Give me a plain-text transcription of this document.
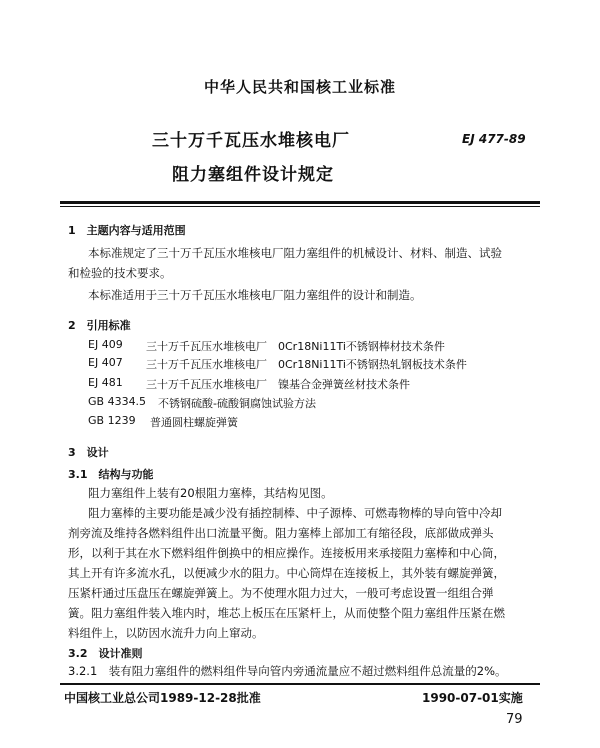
中华人民共和国核工业标准
三十万千瓦压水堆核电厂
阻力塞组件设计规定
EJ 477-89
1　主题内容与适用范围
本标准规定了三十万千瓦压水堆核电厂阻力塞组件的机械设计、材料、制造、试验
和检验的技术要求。
本标准适用于三十万千瓦压水堆核电厂阻力塞组件的设计和制造。
2　引用标准
EJ 409 三十万千瓦压水堆核电厂　0Cr18Ni11Ti不锈钢棒材技术条件
EJ 407 三十万千瓦压水堆核电厂　0Cr18Ni11Ti不锈钢热轧钢板技术条件
EJ 481 三十万千瓦压水堆核电厂　镍基合金弹簧丝材技术条件
GB 4334.5 不锈钢硫酸-硫酸铜腐蚀试验方法
GB 1239 普通圆柱螺旋弹簧
3　设计
3.1　结构与功能
阻力塞组件上装有20根阻力塞棒，其结构见图。
阻力塞棒的主要功能是减少没有插控制棒、中子源棒、可燃毒物棒的导向管中冷却
剂旁流及维持各燃料组件出口流量平衡。阻力塞棒上部加工有缩径段，底部做成弹头
形，以利于其在水下燃料组件倒换中的相应操作。连接板用来承接阻力塞棒和中心筒，
其上开有许多流水孔，以便减少水的阻力。中心筒焊在连接板上，其外装有螺旋弹簧，
压紧杆通过压盘压在螺旋弹簧上。为不使理水阻力过大，一般可考虑设置一组组合弹
簧。阻力塞组件装入堆内时，堆芯上板压在压紧杆上，从而使整个阻力塞组件压紧在燃
料组件上，以防因水流升力向上窜动。
3.2　设计准则
3.2.1　装有阻力塞组件的燃料组件导向管内旁通流量应不超过燃料组件总流量的2%。
中国核工业总公司1989-12-28批准	1990-07-01实施
79
